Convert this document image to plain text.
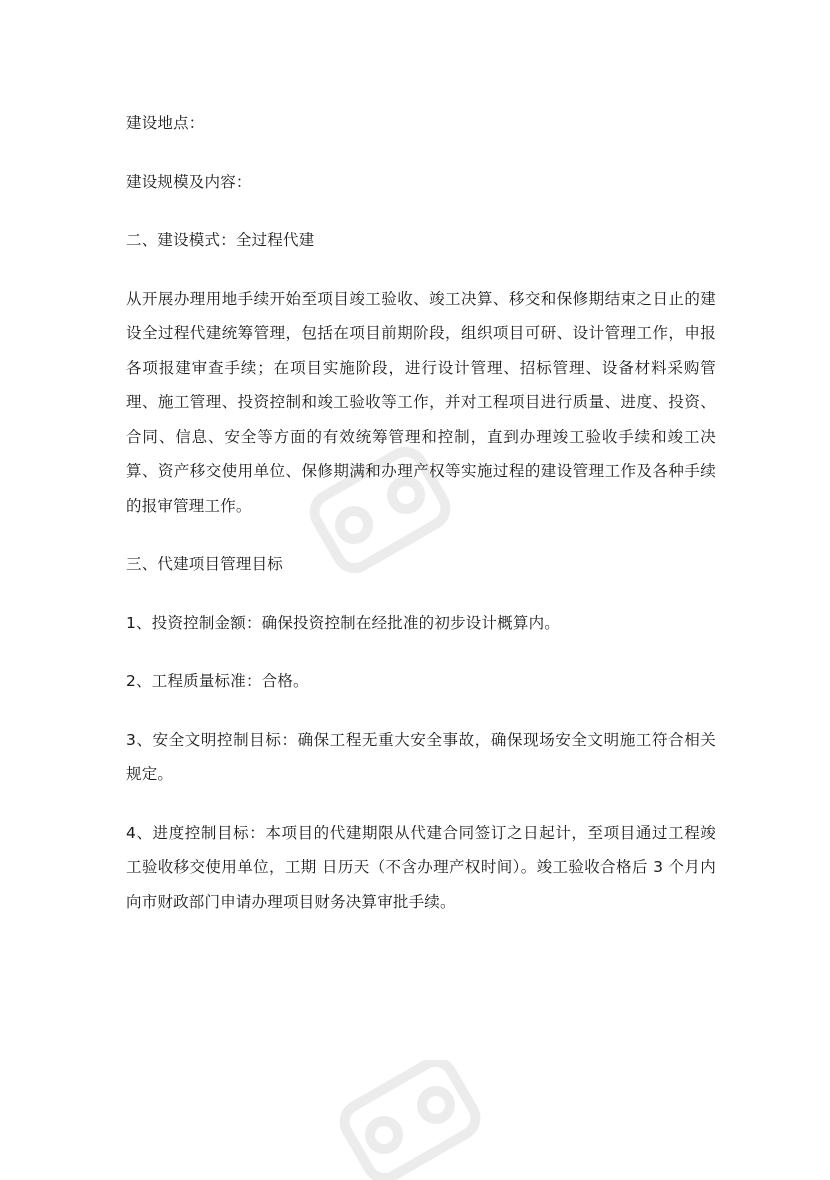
建设地点：

建设规模及内容：

二、建设模式：全过程代建

从开展办理用地手续开始至项目竣工验收、竣工决算、移交和保修期结束之日止的建设全过程代建统筹管理，包括在项目前期阶段，组织项目可研、设计管理工作，申报各项报建审查手续；在项目实施阶段，进行设计管理、招标管理、设备材料采购管理、施工管理、投资控制和竣工验收等工作，并对工程项目进行质量、进度、投资、合同、信息、安全等方面的有效统筹管理和控制，直到办理竣工验收手续和竣工决算、资产移交使用单位、保修期满和办理产权等实施过程的建设管理工作及各种手续的报审管理工作。

三、代建项目管理目标

1、投资控制金额：确保投资控制在经批准的初步设计概算内。

2、工程质量标准：合格。

3、安全文明控制目标：确保工程无重大安全事故，确保现场安全文明施工符合相关规定。

4、进度控制目标：本项目的代建期限从代建合同签订之日起计，至项目通过工程竣工验收移交使用单位，工期 日历天（不含办理产权时间）。竣工验收合格后 3 个月内向市财政部门申请办理项目财务决算审批手续。
